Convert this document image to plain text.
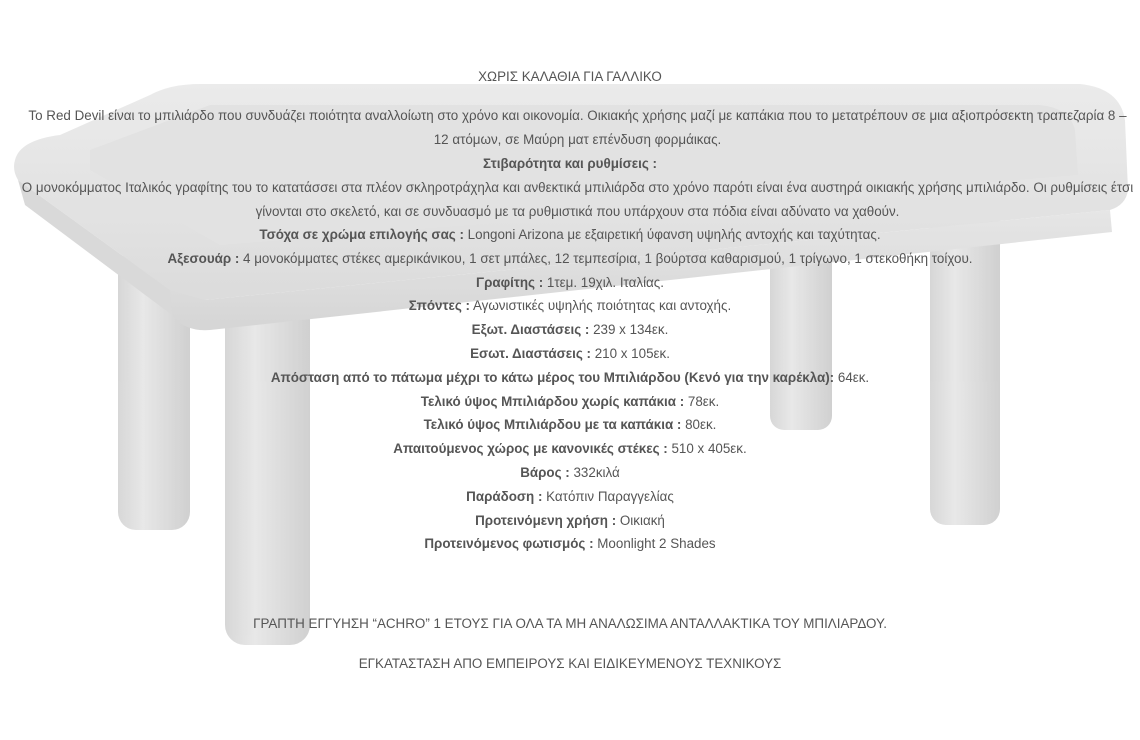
ΧΩΡΙΣ ΚΑΛΑΘΙΑ ΓΙΑ ΓΑΛΛΙΚΟ

Το Red Devil είναι το μπιλιάρδο που συνδυάζει ποιότητα αναλλοίωτη στο χρόνο και οικονομία. Οικιακής χρήσης μαζί με καπάκια που το μετατρέπουν σε μια αξιοπρόσεκτη τραπεζαρία 8 – 12 ατόμων, σε Μαύρη ματ επένδυση φορμάικας.

Στιβαρότητα και ρυθμίσεις :

Ο μονοκόμματος Ιταλικός γραφίτης του το κατατάσσει στα πλέον σκληροτράχηλα και ανθεκτικά μπιλιάρδα στο χρόνο παρότι είναι ένα αυστηρά οικιακής χρήσης μπιλιάρδο. Οι ρυθμίσεις έτσι γίνονται στο σκελετό, και σε συνδυασμό με τα ρυθμιστικά που υπάρχουν στα πόδια είναι αδύνατο να χαθούν.

Τσόχα σε χρώμα επιλογής σας : Longoni Arizona με εξαιρετική ύφανση υψηλής αντοχής και ταχύτητας.
Αξεσουάρ : 4 μονοκόμματες στέκες αμερικάνικου, 1 σετ μπάλες, 12 τεμπεσίρια, 1 βούρτσα καθαρισμού, 1 τρίγωνο, 1 στεκοθήκη τοίχου.
Γραφίτης : 1τεμ. 19χιλ. Ιταλίας.
Σπόντες : Αγωνιστικές υψηλής ποιότητας και αντοχής.
Εξωτ. Διαστάσεις : 239 x 134εκ.
Εσωτ. Διαστάσεις : 210 x 105εκ.
Απόσταση από το πάτωμα μέχρι το κάτω μέρος του Μπιλιάρδου (Κενό για την καρέκλα): 64εκ.
Τελικό ύψος Μπιλιάρδου χωρίς καπάκια : 78εκ.
Τελικό ύψος Μπιλιάρδου με τα καπάκια : 80εκ.
Απαιτούμενος χώρος με κανονικές στέκες : 510 x 405εκ.
Βάρος : 332κιλά
Παράδοση : Κατόπιν Παραγγελίας
Προτεινόμενη χρήση : Οικιακή
Προτεινόμενος φωτισμός : Moonlight 2 Shades

ΓΡΑΠΤΗ ΕΓΓΥΗΣΗ “ACHRO” 1 ΕΤΟΥΣ ΓΙΑ ΟΛΑ ΤΑ ΜΗ ΑΝΑΛΩΣΙΜΑ ΑΝΤΑΛΛΑΚΤΙΚΑ ΤΟΥ ΜΠΙΛΙΑΡΔΟΥ.

ΕΓΚΑΤΑΣΤΑΣΗ ΑΠΟ ΕΜΠΕΙΡΟΥΣ ΚΑΙ ΕΙΔΙΚΕΥΜΕΝΟΥΣ ΤΕΧΝΙΚΟΥΣ
